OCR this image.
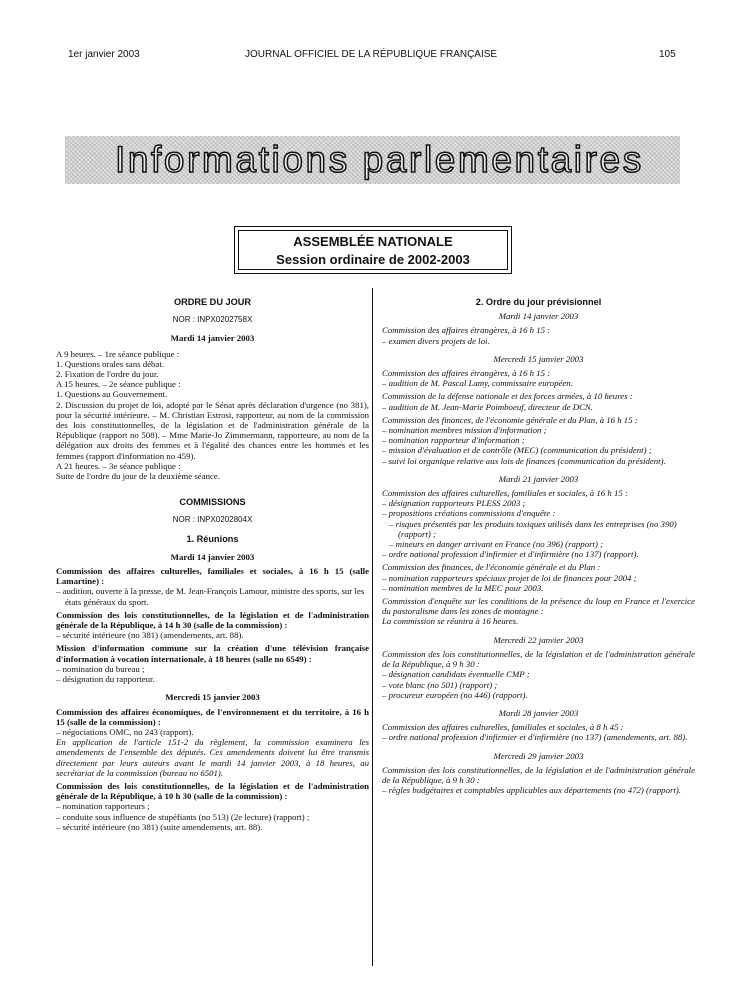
1er janvier 2003	JOURNAL OFFICIEL DE LA RÉPUBLIQUE FRANÇAISE	105
Informations parlementaires
ASSEMBLÉE NATIONALE
Session ordinaire de 2002-2003

ORDRE DU JOUR

NOR : INPX0202758X

Mardi 14 janvier 2003

A 9 heures. – 1re séance publique :

1. Questions orales sans débat.

2. Fixation de l'ordre du jour.

A 15 heures. – 2e séance publique :

1. Questions au Gouvernement.

2. Discussion du projet de loi, adopté par le Sénat après déclaration d'urgence (no 381), pour la sécurité intérieure. – M. Christian Estrosi, rapporteur, au nom de la commission des lois constitutionnelles, de la législation et de l'administration générale de la République (rapport no 508). – Mme Marie-Jo Zimmermann, rapporteure, au nom de la délégation aux droits des femmes et à l'égalité des chances entre les hommes et les femmes (rapport d'information no 459).

A 21 heures. – 3e séance publique :

Suite de l'ordre du jour de la deuxième séance.

COMMISSIONS

NOR : INPX0202804X

1. Réunions

Mardi 14 janvier 2003

Commission des affaires culturelles, familiales et sociales, à 16 h 15 (salle Lamartine) :

– audition, ouverte à la presse, de M. Jean-François Lamour, ministre des sports, sur les états généraux du sport.

Commission des lois constitutionnelles, de la législation et de l'administration générale de la République, à 14 h 30 (salle de la commission) :

– sécurité intérieure (no 381) (amendements, art. 88).

Mission d'information commune sur la création d'une télévision française d'information à vocation internationale, à 18 heures (salle no 6549) :

– nomination du bureau ;

– désignation du rapporteur.

Mercredi 15 janvier 2003

Commission des affaires économiques, de l'environnement et du territoire, à 16 h 15 (salle de la commission) :

– négociations OMC, no 243 (rapport).

En application de l'article 151-2 du règlement, la commission examinera les amendements de l'ensemble des députés. Ces amendements doivent lui être transmis directement par leurs auteurs avant le mardi 14 janvier 2003, à 18 heures, au secrétariat de la commission (bureau no 6501).

Commission des lois constitutionnelles, de la législation et de l'administration générale de la République, à 10 h 30 (salle de la commission) :

– nomination rapporteurs ;

– conduite sous influence de stupéfiants (no 513) (2e lecture) (rapport) ;

– sécurité intérieure (no 381) (suite amendements, art. 88).

2. Ordre du jour prévisionnel

Mardi 14 janvier 2003

Commission des affaires étrangères, à 16 h 15 :

– examen divers projets de loi.

Mercredi 15 janvier 2003

Commission des affaires étrangères, à 16 h 15 :

– audition de M. Pascal Lamy, commissaire européen.

Commission de la défense nationale et des forces armées, à 10 heures :

– audition de M. Jean-Marie Poimboeuf, directeur de DCN.

Commission des finances, de l'économie générale et du Plan, à 16 h 15 :

– nomination membres mission d'information ;

– nomination rapporteur d'information ;

– mission d'évaluation et de contrôle (MEC) (communication du président) ;

– suivi loi organique relative aux lois de finances (communication du président).

Mardi 21 janvier 2003

Commission des affaires culturelles, familiales et sociales, à 16 h 15 :

– désignation rapporteurs PLESS 2003 ;

– propositions créations commissions d'enquête :

– risques présentés par les produits toxiques utilisés dans les entreprises (no 390) (rapport) ;

– mineurs en danger arrivant en France (no 396) (rapport) ;

– ordre national profession d'infirmier et d'infirmière (no 137) (rapport).

Commission des finances, de l'économie générale et du Plan :

– nomination rapporteurs spéciaux projet de loi de finances pour 2004 ;

– nomination membres de la MEC pour 2003.

Commission d'enquête sur les conditions de la présence du loup en France et l'exercice du pastoralisme dans les zones de montagne :

La commission se réunira à 16 heures.

Mercredi 22 janvier 2003

Commission des lois constitutionnelles, de la législation et de l'administration générale de la République, à 9 h 30 :

– désignation candidats éventuelle CMP ;

– vote blanc (no 501) (rapport) ;

– procureur européen (no 446) (rapport).

Mardi 28 janvier 2003

Commission des affaires culturelles, familiales et sociales, à 8 h 45 :

– ordre national profession d'infirmier et d'infirmière (no 137) (amendements, art. 88).

Mercredi 29 janvier 2003

Commission des lois constitutionnelles, de la législation et de l'administration générale de la République, à 9 h 30 :

– règles budgétaires et comptables applicables aux départements (no 472) (rapport).
